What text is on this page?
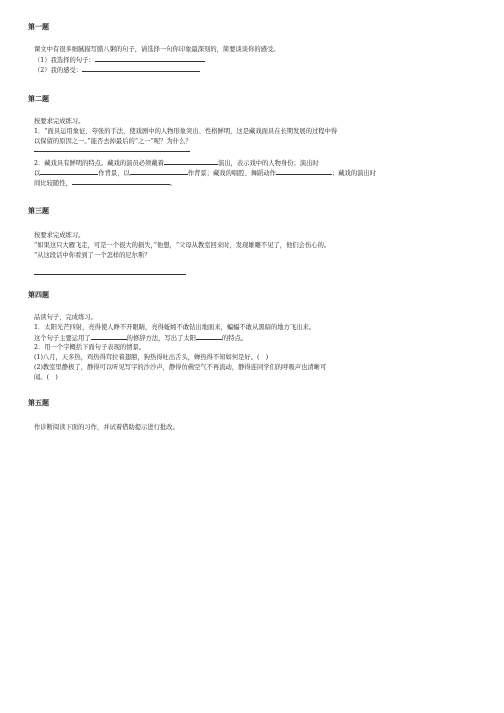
第一题
课文中有很多细腻描写腊八粥的句子，请选择一句你印象最深刻的，简要谈谈你的感受。
（1）我选择的句子：
（2）我的感受：
第二题
按要求完成练习。
1．“面具运用象征、夸张的手法，使戏剧中的人物形象突出、性格鲜明，这是藏戏面具在长期发展的过程中得
以保留的原因之一。”能否去掉最后的“之一”呢？为什么？
2．藏戏具有鲜明的特点。藏戏的演员必须戴着	演出，表示戏中的人物身份；演出时
以	作背景，以	作背景；藏戏的唱腔、舞蹈动作	；藏戏的演出时
间比较随性，	。
第三题
按要求完成练习。
“如果这只大雁飞走，可是一个很大的损失，”他想，“父母从教室回来时，发现雄雕不见了，他们会伤心的。
”从这段话中你看到了一个怎样的尼尔斯？
第四题
品读句子，完成练习。
1．太阳光芒四射，亮得使人睁不开眼睛，亮得蚯蚓不敢钻出地面来，蝙蝠不敢从黑暗的地方飞出来。
这个句子主要运用了	的修辞方法，写出了太阳	的特点。
2．用一个字概括下面句子表现的情景。
(1)八月，天多热，鸡热得耷拉着翅膀，狗热得吐出舌头，蝉热得不知如何是好。(　)
(2)教室里静极了，静得可以听见写字的沙沙声，静得仿佛空气不再流动，静得连同学们的呼吸声也清晰可
闻。(　)
第五题
作诊断阅读下面的习作，并试着借助提示进行批改。
